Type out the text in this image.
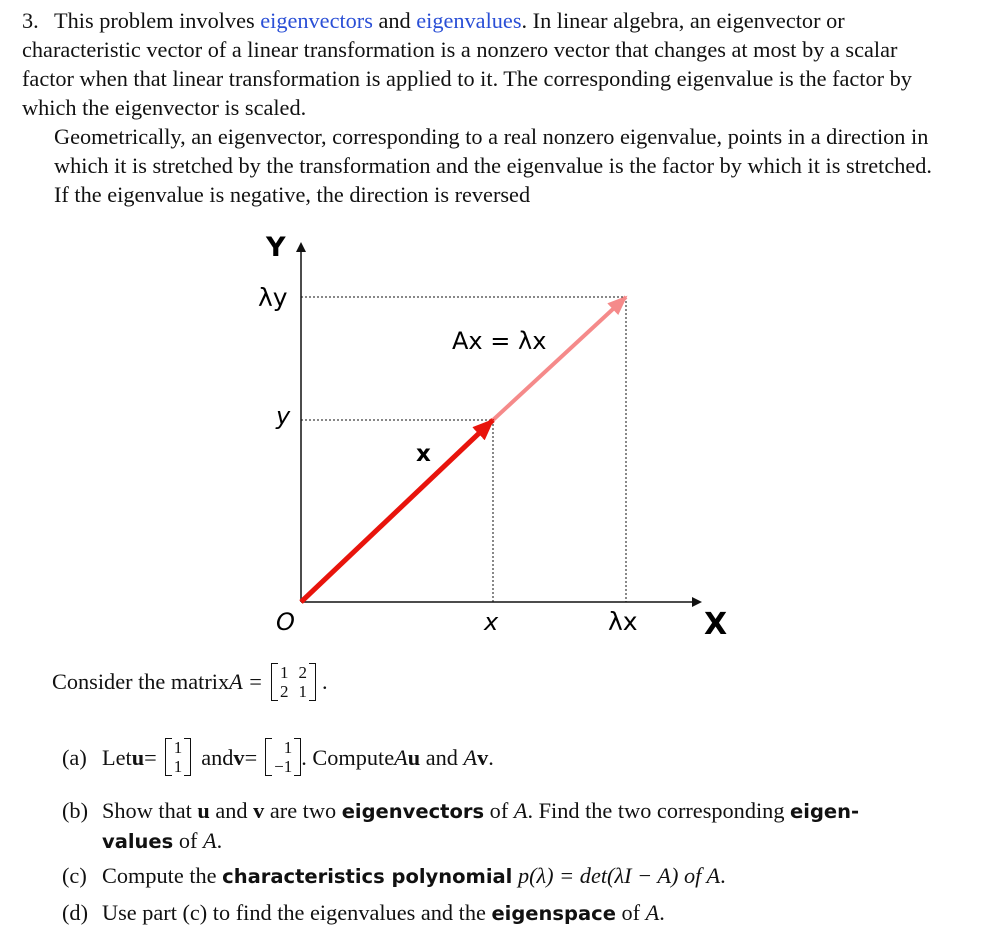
3. This problem involves eigenvectors and eigenvalues. In linear algebra, an eigenvector or characteristic vector of a linear transformation is a nonzero vector that changes at most by a scalar factor when that linear transformation is applied to it. The corresponding eigenvalue is the factor by which the eigenvector is scaled.
Geometrically, an eigenvector, corresponding to a real nonzero eigenvalue, points in a direction in which it is stretched by the transformation and the eigenvalue is the factor by which it is stretched. If the eigenvalue is negative, the direction is reversed
Y
λy
y
O	x	λx X
x
Ax = λx
Consider the matrix A = 1 2
2 1 .
(a) Let u = 1
1 and v =	1
−1 . Compute A u and A v .
(b) Show that u and v are two eigenvectors of A. Find the two corresponding eigen-
values of A.
(c) Compute the characteristics polynomial p(λ) = det(λI − A) of A.
(d) Use part (c) to find the eigenvalues and the eigenspace of A.
